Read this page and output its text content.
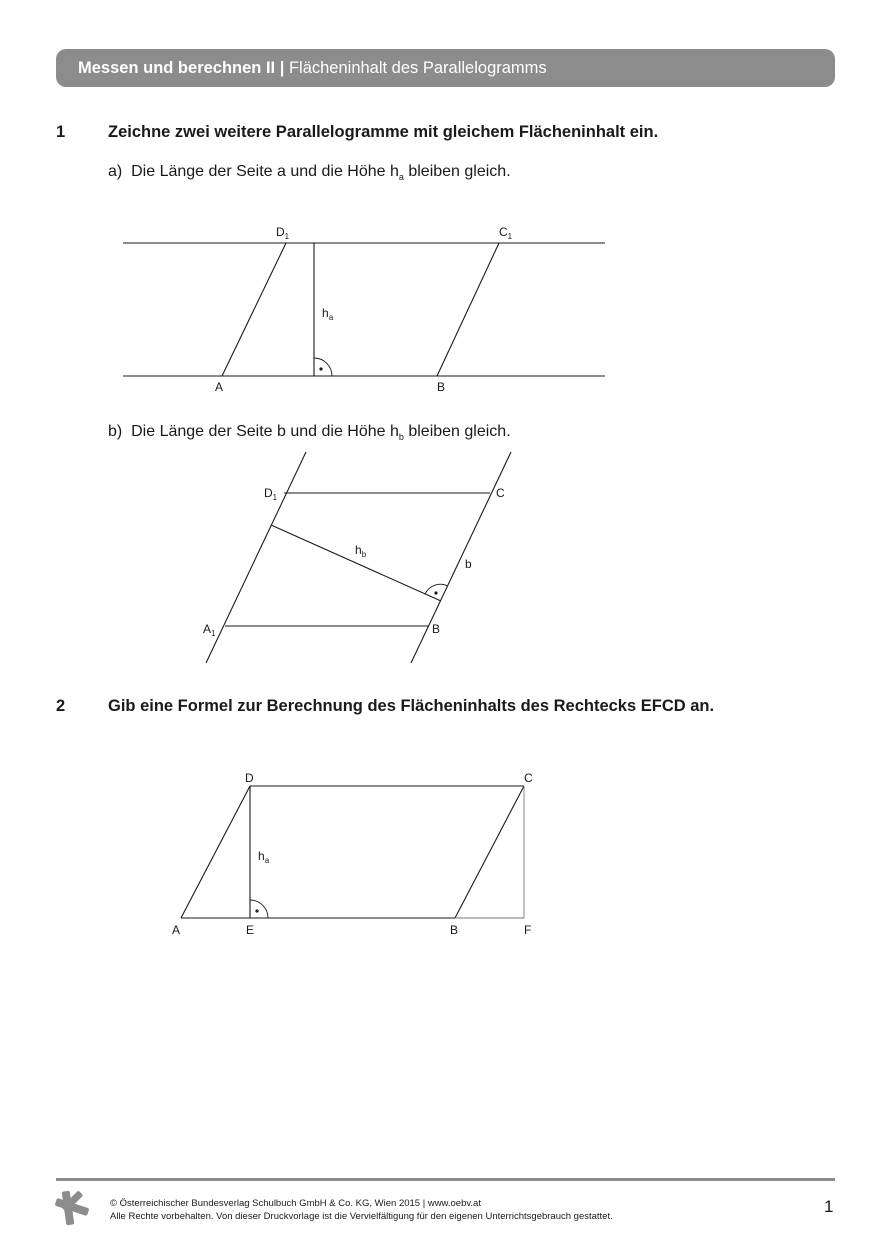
Messen und berechnen II | Flächeninhalt des Parallelogramms
1	Zeichne zwei weitere Parallelogramme mit gleichem Flächeninhalt ein.
a) Die Länge der Seite a und die Höhe $h_a$ bleiben gleich.
$D_1$	$C_1$
$h_a$
A	B
b) Die Länge der Seite b und die Höhe $h_b$ bleiben gleich.
$D_1$	C
$h_b$
b
$A_1$	B
2	Gib eine Formel zur Berechnung des Flächeninhalts des Rechtecks EFCD an.
D	C
$h_a$
A	E	B	F
© Österreichischer Bundesverlag Schulbuch GmbH & Co. KG, Wien 2015 | www.oebv.at
Alle Rechte vorbehalten. Von dieser Druckvorlage ist die Vervielfältigung für den eigenen Unterrichtsgebrauch gestattet.
1
